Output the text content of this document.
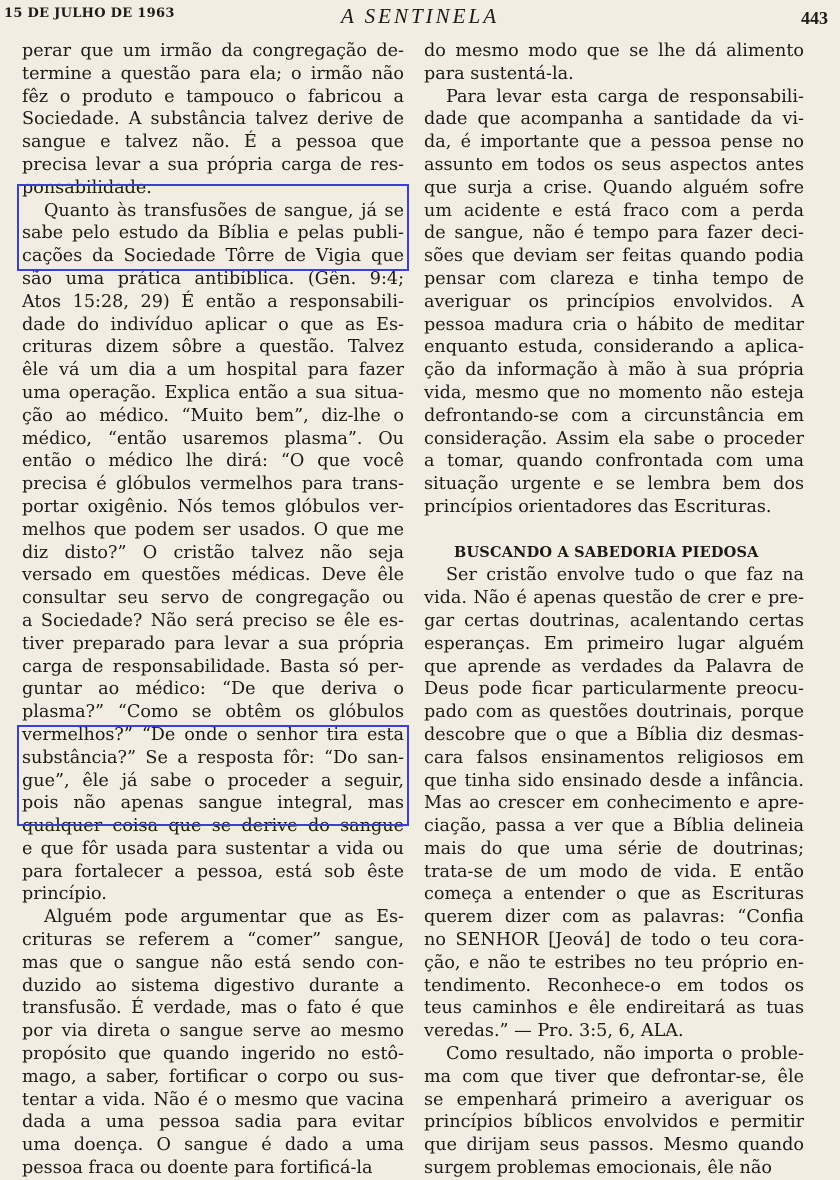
15 DE JULHO DE 1963	A SENTINELA	443
perar que um irmão da congregação de-
termine a questão para ela; o irmão não
fêz o produto e tampouco o fabricou a
Sociedade. A substância talvez derive de
sangue e talvez não. É a pessoa que
precisa levar a sua própria carga de res-
ponsabilidade.
Quanto às transfusões de sangue, já se
sabe pelo estudo da Bíblia e pelas publi-
cações da Sociedade Tôrre de Vigia que
são uma prática antibíblica. (Gên. 9:4;
Atos 15:28, 29) É então a responsabili-
dade do indivíduo aplicar o que as Es-
crituras dizem sôbre a questão. Talvez
êle vá um dia a um hospital para fazer
uma operação. Explica então a sua situa-
ção ao médico. “Muito bem”, diz-lhe o
médico, “então usaremos plasma”. Ou
então o médico lhe dirá: “O que você
precisa é glóbulos vermelhos para trans-
portar oxigênio. Nós temos glóbulos ver-
melhos que podem ser usados. O que me
diz disto?” O cristão talvez não seja
versado em questões médicas. Deve êle
consultar seu servo de congregação ou
a Sociedade? Não será preciso se êle es-
tiver preparado para levar a sua própria
carga de responsabilidade. Basta só per-
guntar ao médico: “De que deriva o
plasma?” “Como se obtêm os glóbulos
vermelhos?” “De onde o senhor tira esta
substância?” Se a resposta fôr: “Do san-
gue”, êle já sabe o proceder a seguir,
pois não apenas sangue integral, mas
qualquer coisa que se derive do sangue
e que fôr usada para sustentar a vida ou
para fortalecer a pessoa, está sob êste
princípio.
Alguém pode argumentar que as Es-
crituras se referem a “comer” sangue,
mas que o sangue não está sendo con-
duzido ao sistema digestivo durante a
transfusão. É verdade, mas o fato é que
por via direta o sangue serve ao mesmo
propósito que quando ingerido no estô-
mago, a saber, fortificar o corpo ou sus-
tentar a vida. Não é o mesmo que vacina
dada a uma pessoa sadia para evitar
uma doença. O sangue é dado a uma
pessoa fraca ou doente para fortificá-la
do mesmo modo que se lhe dá alimento
para sustentá-la.
Para levar esta carga de responsabili-
dade que acompanha a santidade da vi-
da, é importante que a pessoa pense no
assunto em todos os seus aspectos antes
que surja a crise. Quando alguém sofre
um acidente e está fraco com a perda
de sangue, não é tempo para fazer deci-
sões que deviam ser feitas quando podia
pensar com clareza e tinha tempo de
averiguar os princípios envolvidos. A
pessoa madura cria o hábito de meditar
enquanto estuda, considerando a aplica-
ção da informação à mão à sua própria
vida, mesmo que no momento não esteja
defrontando-se com a circunstância em
consideração. Assim ela sabe o proceder
a tomar, quando confrontada com uma
situação urgente e se lembra bem dos
princípios orientadores das Escrituras.
BUSCANDO A SABEDORIA PIEDOSA
Ser cristão envolve tudo o que faz na
vida. Não é apenas questão de crer e pre-
gar certas doutrinas, acalentando certas
esperanças. Em primeiro lugar alguém
que aprende as verdades da Palavra de
Deus pode ficar particularmente preocu-
pado com as questões doutrinais, porque
descobre que o que a Bíblia diz desmas-
cara falsos ensinamentos religiosos em
que tinha sido ensinado desde a infância.
Mas ao crescer em conhecimento e apre-
ciação, passa a ver que a Bíblia delineia
mais do que uma série de doutrinas;
trata-se de um modo de vida. E então
começa a entender o que as Escrituras
querem dizer com as palavras: “Confia
no SENHOR [Jeová] de todo o teu cora-
ção, e não te estribes no teu próprio en-
tendimento. Reconhece-o em todos os
teus caminhos e êle endireitará as tuas
veredas.” — Pro. 3:5, 6, ALA.
Como resultado, não importa o proble-
ma com que tiver que defrontar-se, êle
se empenhará primeiro a averiguar os
princípios bíblicos envolvidos e permitir
que dirijam seus passos. Mesmo quando
surgem problemas emocionais, êle não
